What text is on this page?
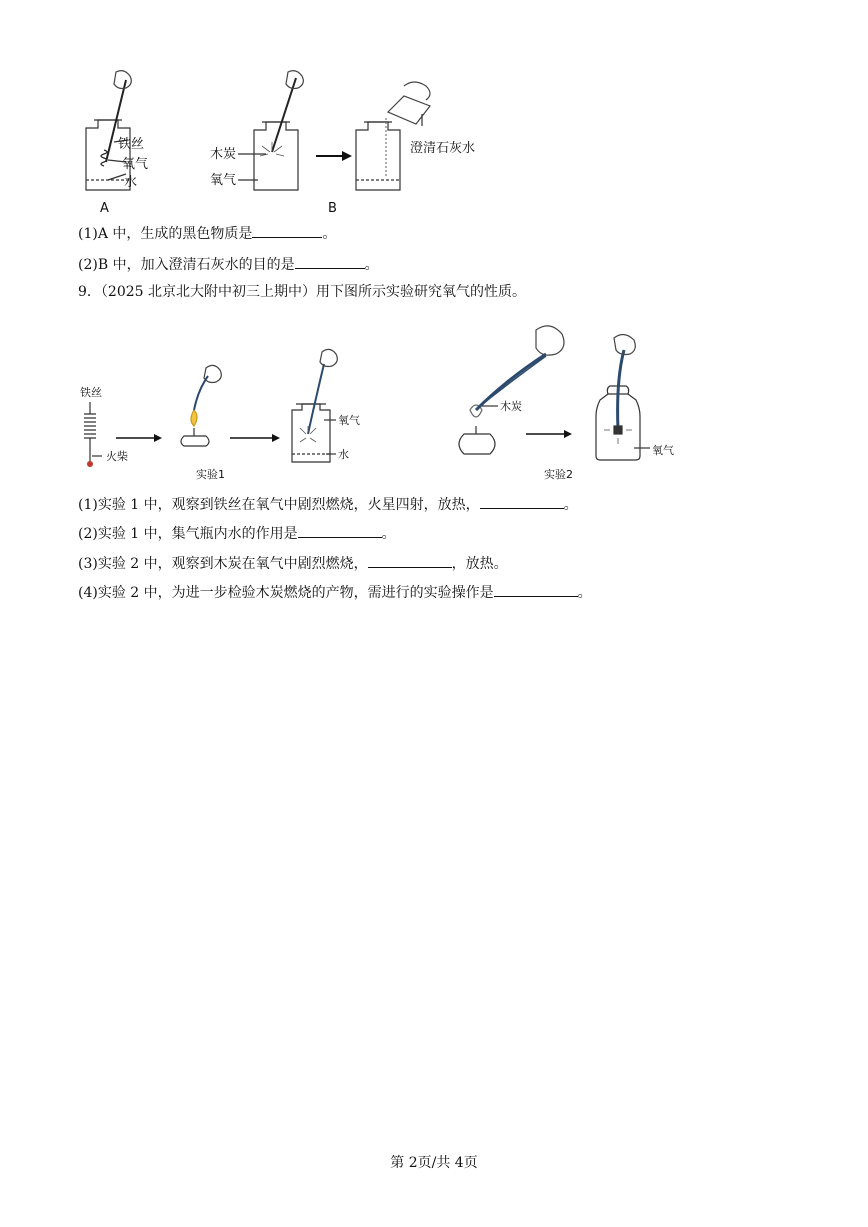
铁丝
氧气
水
A
木炭
氧气
B
澄清石灰水
(1)A 中，生成的黑色物质是	。
(2)B 中，加入澄清石灰水的目的是	。
9．（2025 北京北大附中初三上期中）用下图所示实验研究氧气的性质。
铁丝
火柴
实验1
氧气
水
木炭
氧气
实验2
(1)实验 1 中，观察到铁丝在氧气中剧烈燃烧，火星四射，放热，	。
(2)实验 1 中，集气瓶内水的作用是	。
(3)实验 2 中，观察到木炭在氧气中剧烈燃烧，	，放热。
(4)实验 2 中，为进一步检验木炭燃烧的产物，需进行的实验操作是	。
第 2页/共 4页
